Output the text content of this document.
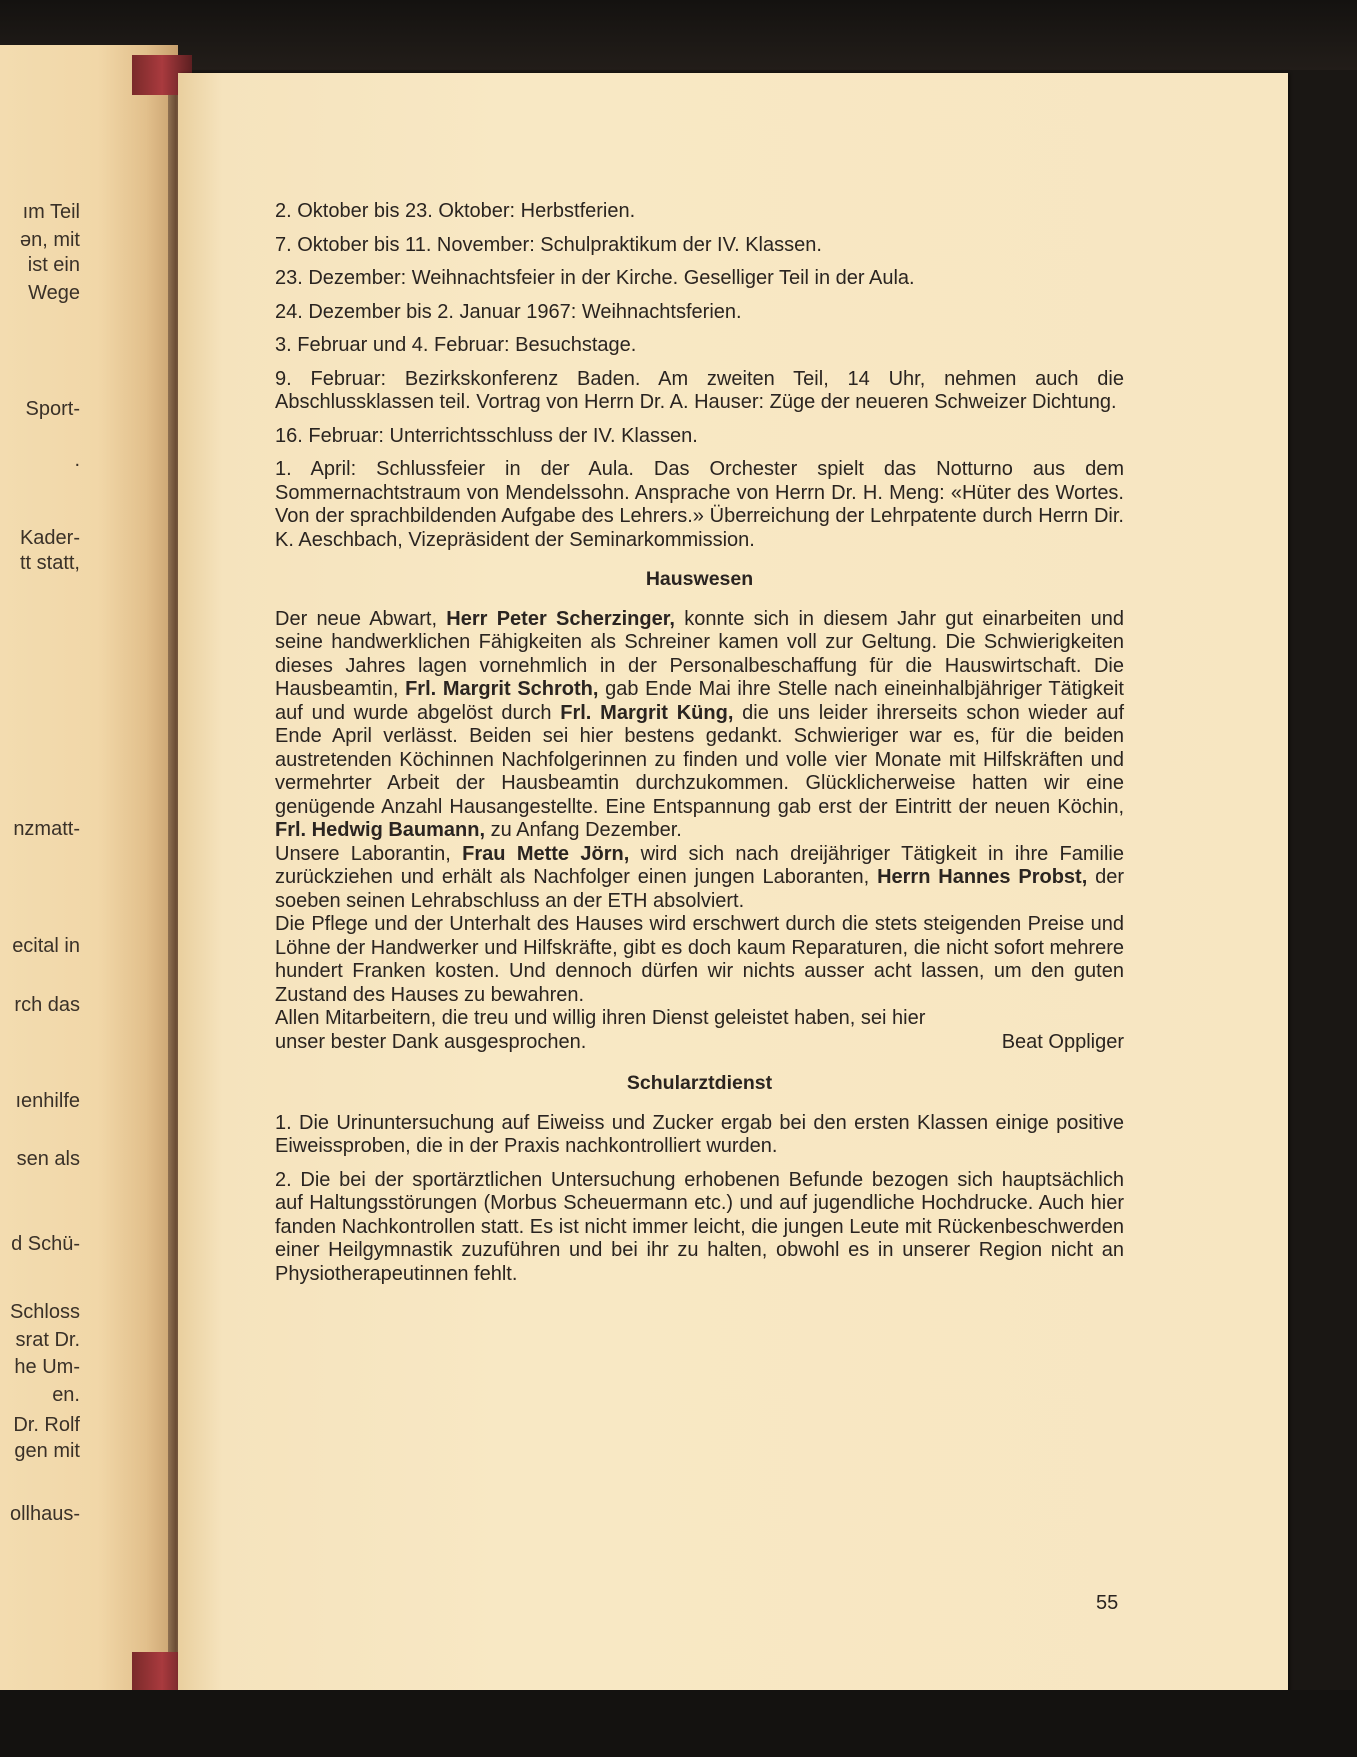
ım Teil
ən, mit
ist ein
Wege
Sport-
.
Kader-
tt statt,
nzmatt-
ecital in
rch das
ıenhilfe
sen als
d Schü-
Schloss
srat Dr.
he Um-
en.
Dr. Rolf
gen mit
ollhaus-

2. Oktober bis 23. Oktober: Herbstferien.

7. Oktober bis 11. November: Schulpraktikum der IV. Klassen.

23. Dezember: Weihnachtsfeier in der Kirche. Geselliger Teil in der Aula.

24. Dezember bis 2. Januar 1967: Weihnachtsferien.

3. Februar und 4. Februar: Besuchstage.

9. Februar: Bezirkskonferenz Baden. Am zweiten Teil, 14 Uhr, nehmen auch die Abschlussklassen teil. Vortrag von Herrn Dr. A. Hauser: Züge der neueren Schweizer Dichtung.

16. Februar: Unterrichtsschluss der IV. Klassen.

1. April: Schlussfeier in der Aula. Das Orchester spielt das Notturno aus dem Sommernachtstraum von Mendelssohn. Ansprache von Herrn Dr. H. Meng: «Hüter des Wortes. Von der sprachbildenden Aufgabe des Lehrers.» Überreichung der Lehrpatente durch Herrn Dir. K. Aeschbach, Vizepräsident der Seminarkommission.

Hauswesen

Der neue Abwart, Herr Peter Scherzinger, konnte sich in diesem Jahr gut einarbeiten und seine handwerklichen Fähigkeiten als Schreiner kamen voll zur Geltung. Die Schwierigkeiten dieses Jahres lagen vornehmlich in der Personalbeschaffung für die Hauswirtschaft. Die Hausbeamtin, Frl. Margrit Schroth, gab Ende Mai ihre Stelle nach eineinhalbjähriger Tätigkeit auf und wurde abgelöst durch Frl. Margrit Küng, die uns leider ihrerseits schon wieder auf Ende April verlässt. Beiden sei hier bestens gedankt. Schwieriger war es, für die beiden austretenden Köchinnen Nachfolgerinnen zu finden und volle vier Monate mit Hilfskräften und vermehrter Arbeit der Hausbeamtin durchzukommen. Glücklicherweise hatten wir eine genügende Anzahl Hausangestellte. Eine Entspannung gab erst der Eintritt der neuen Köchin, Frl. Hedwig Baumann, zu Anfang Dezember.

Unsere Laborantin, Frau Mette Jörn, wird sich nach dreijähriger Tätigkeit in ihre Familie zurückziehen und erhält als Nachfolger einen jungen Laboranten, Herrn Hannes Probst, der soeben seinen Lehrabschluss an der ETH absolviert.

Die Pflege und der Unterhalt des Hauses wird erschwert durch die stets steigenden Preise und Löhne der Handwerker und Hilfskräfte, gibt es doch kaum Reparaturen, die nicht sofort mehrere hundert Franken kosten. Und dennoch dürfen wir nichts ausser acht lassen, um den guten Zustand des Hauses zu bewahren.

Allen Mitarbeitern, die treu und willig ihren Dienst geleistet haben, sei hier

unser bester Dank ausgesprochen.	Beat Oppliger
Schularztdienst

1. Die Urinuntersuchung auf Eiweiss und Zucker ergab bei den ersten Klassen einige positive Eiweissproben, die in der Praxis nachkontrolliert wurden.

2. Die bei der sportärztlichen Untersuchung erhobenen Befunde bezogen sich hauptsächlich auf Haltungsstörungen (Morbus Scheuermann etc.) und auf jugendliche Hochdrucke. Auch hier fanden Nachkontrollen statt. Es ist nicht immer leicht, die jungen Leute mit Rückenbeschwerden einer Heilgymnastik zuzuführen und bei ihr zu halten, obwohl es in unserer Region nicht an Physiotherapeutinnen fehlt.

55
